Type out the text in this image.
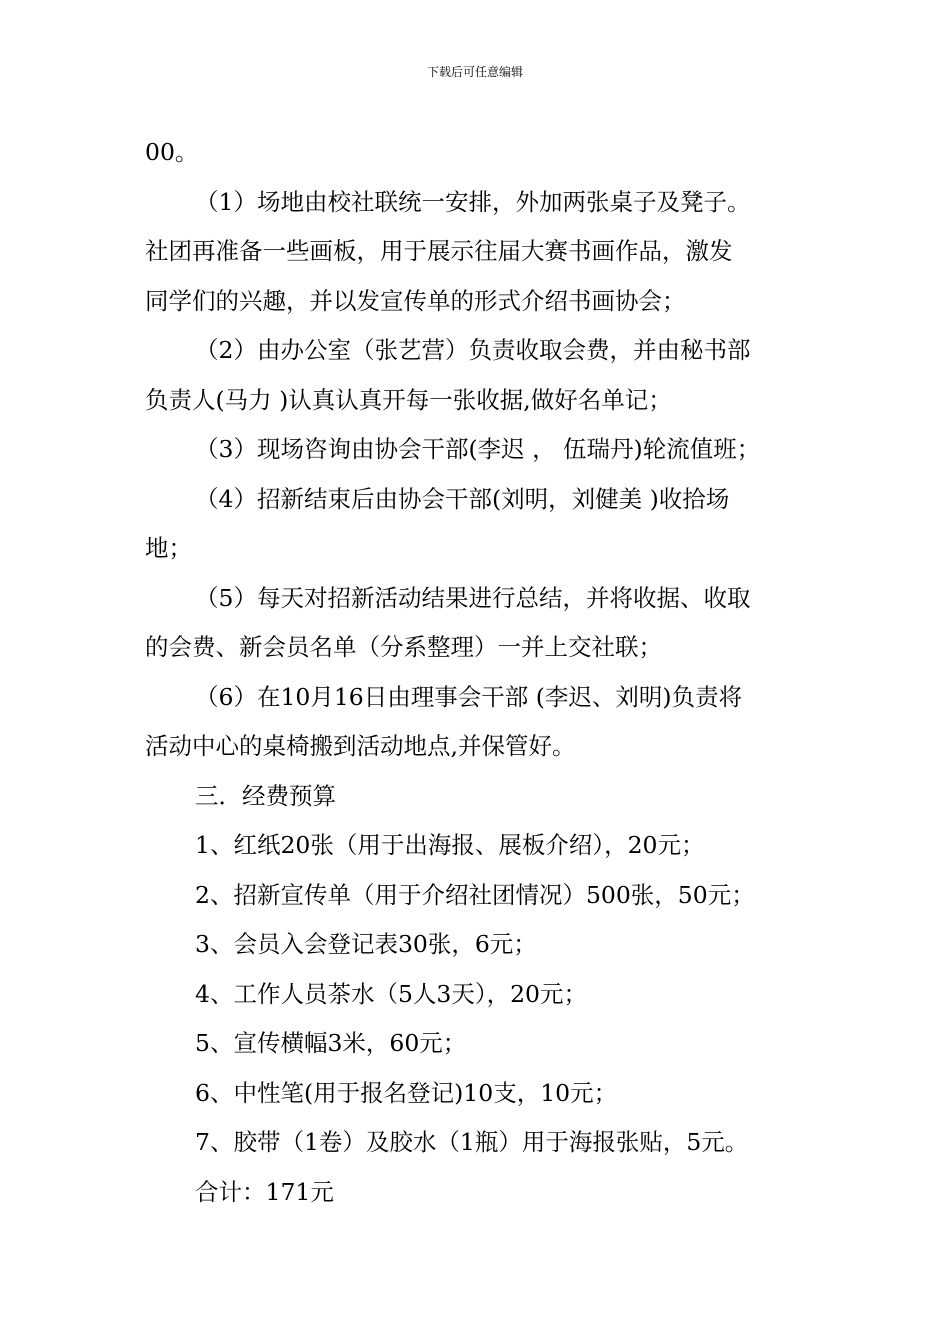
下载后可任意编辑
00。
（1）场地由校社联统一安排，外加两张桌子及凳子。
社团再准备一些画板，用于展示往届大赛书画作品，激发
同学们的兴趣，并以发宣传单的形式介绍书画协会；
（2）由办公室（张艺营）负责收取会费，并由秘书部
负责人(马力 )认真认真开每一张收据,做好名单记；
（3）现场咨询由协会干部(李迟 ， 伍瑞丹)轮流值班；
（4）招新结束后由协会干部(刘明，刘健美 )收拾场
地；
（5）每天对招新活动结果进行总结，并将收据、收取
的会费、新会员名单（分系整理）一并上交社联；
（6）在10月16日由理事会干部 (李迟、刘明)负责将
活动中心的桌椅搬到活动地点,并保管好。
三．经费预算
1、红纸20张（用于出海报、展板介绍），20元；
2、招新宣传单（用于介绍社团情况）500张，50元；
3、会员入会登记表30张，6元；
4、工作人员茶水（5人3天），20元；
5、宣传横幅3米，60元；
6、中性笔(用于报名登记)10支，10元；
7、胶带（1卷）及胶水（1瓶）用于海报张贴，5元。
合计：171元
